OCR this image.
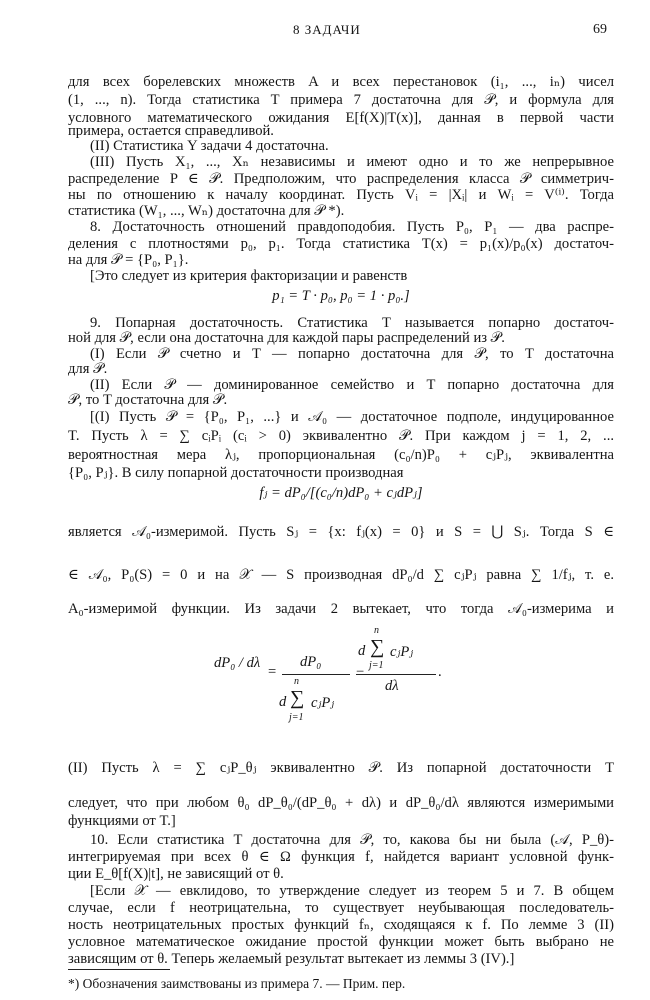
8 ЗАДАЧИ	69
для всех борелевских множеств A и всех перестановок (i₁, ..., iₙ) чисел
(1, ..., n). Тогда статистика T примера 7 достаточна для 𝒫, и формула для
условного математического ожидания E[f(X)|T(x)], данная в первой части
примера, остается справедливой.
(II) Статистика Y задачи 4 достаточна.
(III) Пусть X₁, ..., Xₙ независимы и имеют одно и то же непрерывное
распределение P ∈ 𝒫. Предположим, что распределения класса 𝒫 симметрич-
ны по отношению к началу координат. Пусть Vᵢ = |Xᵢ| и Wᵢ = V⁽ⁱ⁾. Тогда
статистика (W₁, ..., Wₙ) достаточна для 𝒫 *).
8. Достаточность отношений правдоподобия. Пусть P₀, P₁ — два распре-
деления с плотностями p₀, p₁. Тогда статистика T(x) = p₁(x)/p₀(x) достаточ-
на для 𝒫 = {P₀, P₁}.
[Это следует из критерия факторизации и равенств
p₁ = T · p₀, p₀ = 1 · p₀.]
9. Попарная достаточность. Статистика T называется попарно достаточ-
ной для 𝒫, если она достаточна для каждой пары распределений из 𝒫.
(I) Если 𝒫 счетно и T — попарно достаточна для 𝒫, то T достаточна
для 𝒫.
(II) Если 𝒫 — доминированное семейство и T попарно достаточна для
𝒫, то T достаточна для 𝒫.
[(I) Пусть 𝒫 = {P₀, P₁, ...} и 𝒜₀ — достаточное подполе, индуцированное
T. Пусть λ = ∑ cᵢPᵢ (cᵢ > 0) эквивалентно 𝒫. При каждом j = 1, 2, ...
вероятностная мера λⱼ, пропорциональная (c₀/n)P₀ + cⱼPⱼ, эквивалентна
{P₀, Pⱼ}. В силу попарной достаточности производная
fⱼ = dP₀/[(c₀/n)dP₀ + cⱼdPⱼ]
является 𝒜₀-измеримой. Пусть Sⱼ = {x: fⱼ(x) = 0} и S = ⋃ Sⱼ. Тогда S ∈
∈ 𝒜₀, P₀(S) = 0 и на 𝒳 — S производная dP₀/d ∑ cⱼPⱼ равна ∑ 1/fⱼ, т. е.
A₀-измеримой функции. Из задачи 2 вытекает, что тогда 𝒜₀-измерима и
dP₀ / dλ
=
dP₀
d ∑
n
j=1
cⱼPⱼ
−
d ∑
n
j=1
cⱼPⱼ
dλ
.
(II) Пусть λ = ∑ cⱼP_θⱼ эквивалентно 𝒫. Из попарной достаточности T
следует, что при любом θ₀ dP_θ₀/(dP_θ₀ + dλ) и dP_θ₀/dλ являются измеримыми
функциями от T.]
10. Если статистика T достаточна для 𝒫, то, какова бы ни была (𝒜, P_θ)-
интегрируемая при всех θ ∈ Ω функция f, найдется вариант условной функ-
ции E_θ[f(X)|t], не зависящий от θ.
[Если 𝒳 — евклидово, то утверждение следует из теорем 5 и 7. В общем
случае, если f неотрицательна, то существует неубывающая последователь-
ность неотрицательных простых функций fₙ, сходящаяся к f. По лемме 3 (II)
условное математическое ожидание простой функции может быть выбрано не
зависящим от θ. Теперь желаемый результат вытекает из леммы 3 (IV).]
*) Обозначения заимствованы из примера 7. — Прим. пер.
